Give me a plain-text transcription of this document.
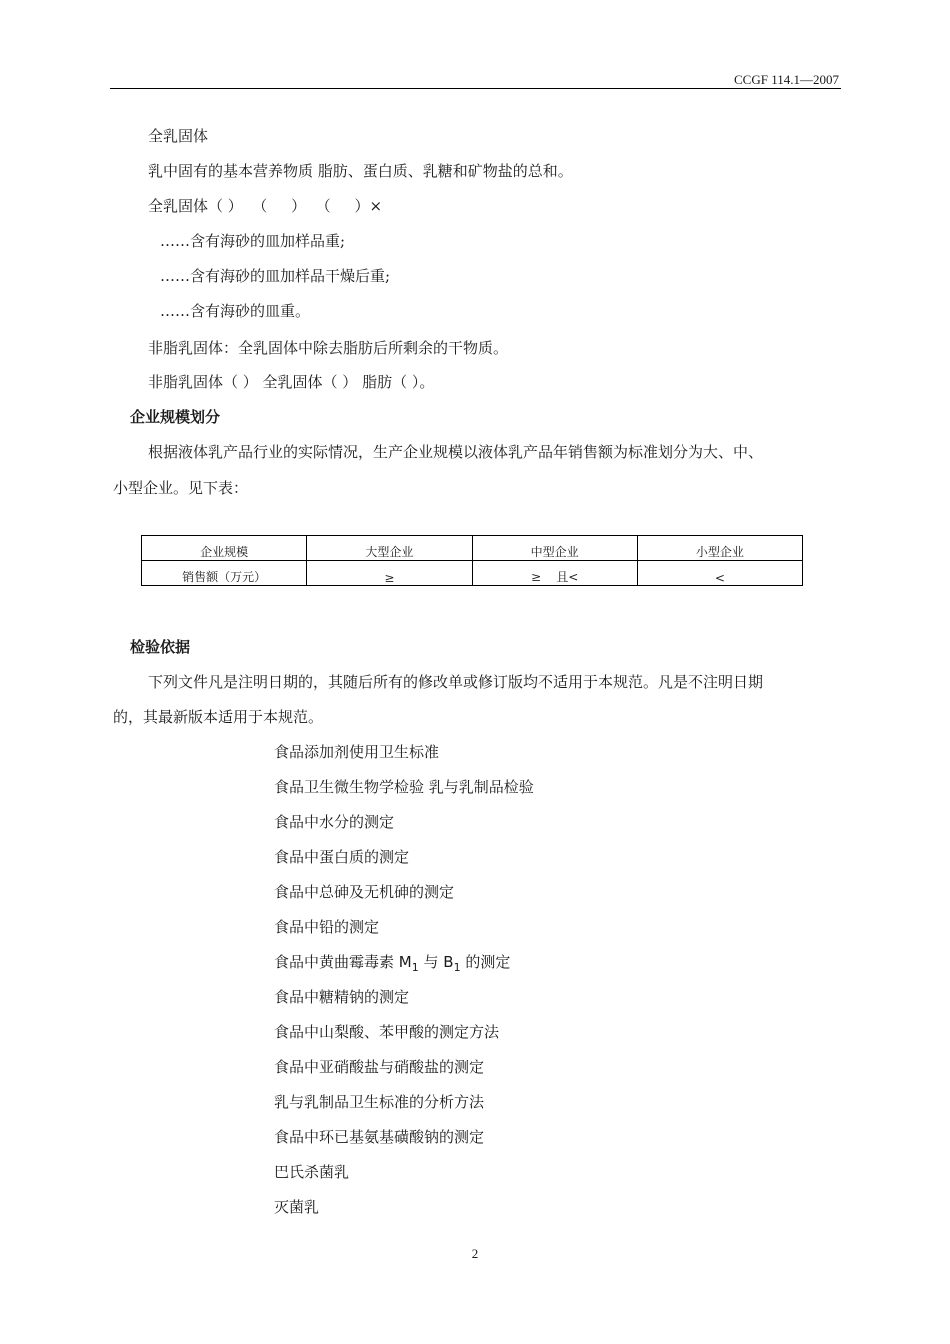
CCGF 114.1—2007
全乳固体
乳中固有的基本营养物质 脂肪、蛋白质、乳糖和矿物盐的总和。
全乳固体（ ）  （     ）  （     ）×
……含有海砂的皿加样品重;
……含有海砂的皿加样品干燥后重;
……含有海砂的皿重。
非脂乳固体：全乳固体中除去脂肪后所剩余的干物质。
非脂乳固体（ ） 全乳固体（ ） 脂肪（ ）。
企业规模划分
根据液体乳产品行业的实际情况，生产企业规模以液体乳产品年销售额为标准划分为大、中、
小型企业。见下表：
企业规模	大型企业	中型企业	小型企业
销售额（万元）	≥	≥    且<	<
检验依据
下列文件凡是注明日期的，其随后所有的修改单或修订版均不适用于本规范。凡是不注明日期
的，其最新版本适用于本规范。
食品添加剂使用卫生标准
食品卫生微生物学检验 乳与乳制品检验
食品中水分的测定
食品中蛋白质的测定
食品中总砷及无机砷的测定
食品中铅的测定
食品中黄曲霉毒素 $M_1$ 与 $B_1$ 的测定
食品中糖精钠的测定
食品中山梨酸、苯甲酸的测定方法
食品中亚硝酸盐与硝酸盐的测定
乳与乳制品卫生标准的分析方法
食品中环已基氨基磺酸钠的测定
巴氏杀菌乳
灭菌乳
2
